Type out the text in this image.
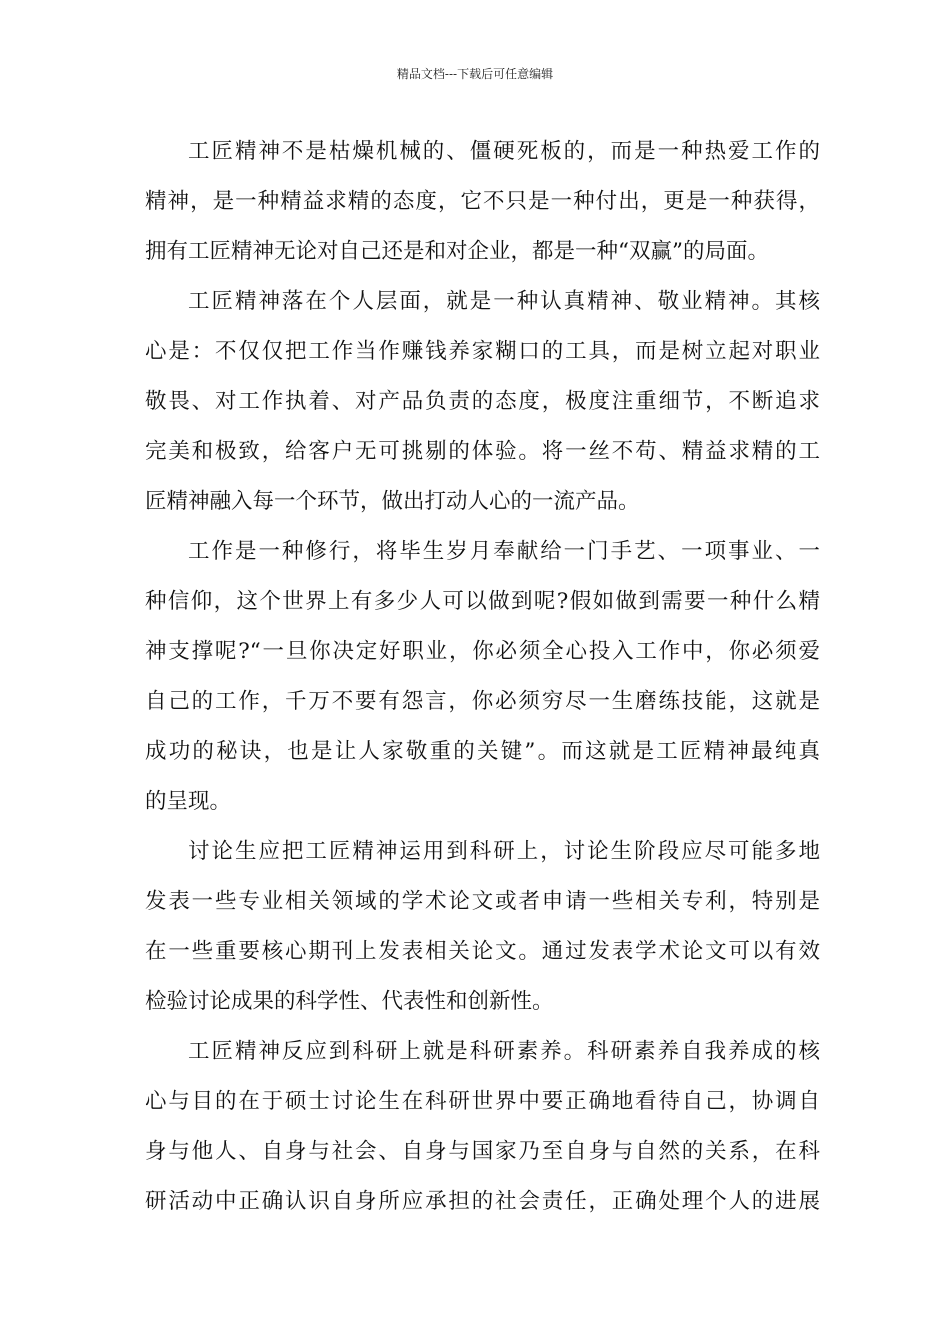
精品文档---下载后可任意编辑
工匠精神不是枯燥机械的、僵硬死板的，而是一种热爱工作的
精神，是一种精益求精的态度，它不只是一种付出，更是一种获得，
拥有工匠精神无论对自己还是和对企业，都是一种“双赢”的局面。
工匠精神落在个人层面，就是一种认真精神、敬业精神。其核
心是：不仅仅把工作当作赚钱养家糊口的工具，而是树立起对职业
敬畏、对工作执着、对产品负责的态度，极度注重细节，不断追求
完美和极致，给客户无可挑剔的体验。将一丝不苟、精益求精的工
匠精神融入每一个环节，做出打动人心的一流产品。
工作是一种修行，将毕生岁月奉献给一门手艺、一项事业、一
种信仰，这个世界上有多少人可以做到呢?假如做到需要一种什么精
神支撑呢?“一旦你决定好职业，你必须全心投入工作中，你必须爱
自己的工作，千万不要有怨言，你必须穷尽一生磨练技能，这就是
成功的秘诀，也是让人家敬重的关键”。而这就是工匠精神最纯真
的呈现。
讨论生应把工匠精神运用到科研上，讨论生阶段应尽可能多地
发表一些专业相关领域的学术论文或者申请一些相关专利，特别是
在一些重要核心期刊上发表相关论文。通过发表学术论文可以有效
检验讨论成果的科学性、代表性和创新性。
工匠精神反应到科研上就是科研素养。科研素养自我养成的核
心与目的在于硕士讨论生在科研世界中要正确地看待自己，协调自
身与他人、自身与社会、自身与国家乃至自身与自然的关系，在科
研活动中正确认识自身所应承担的社会责任，正确处理个人的进展
